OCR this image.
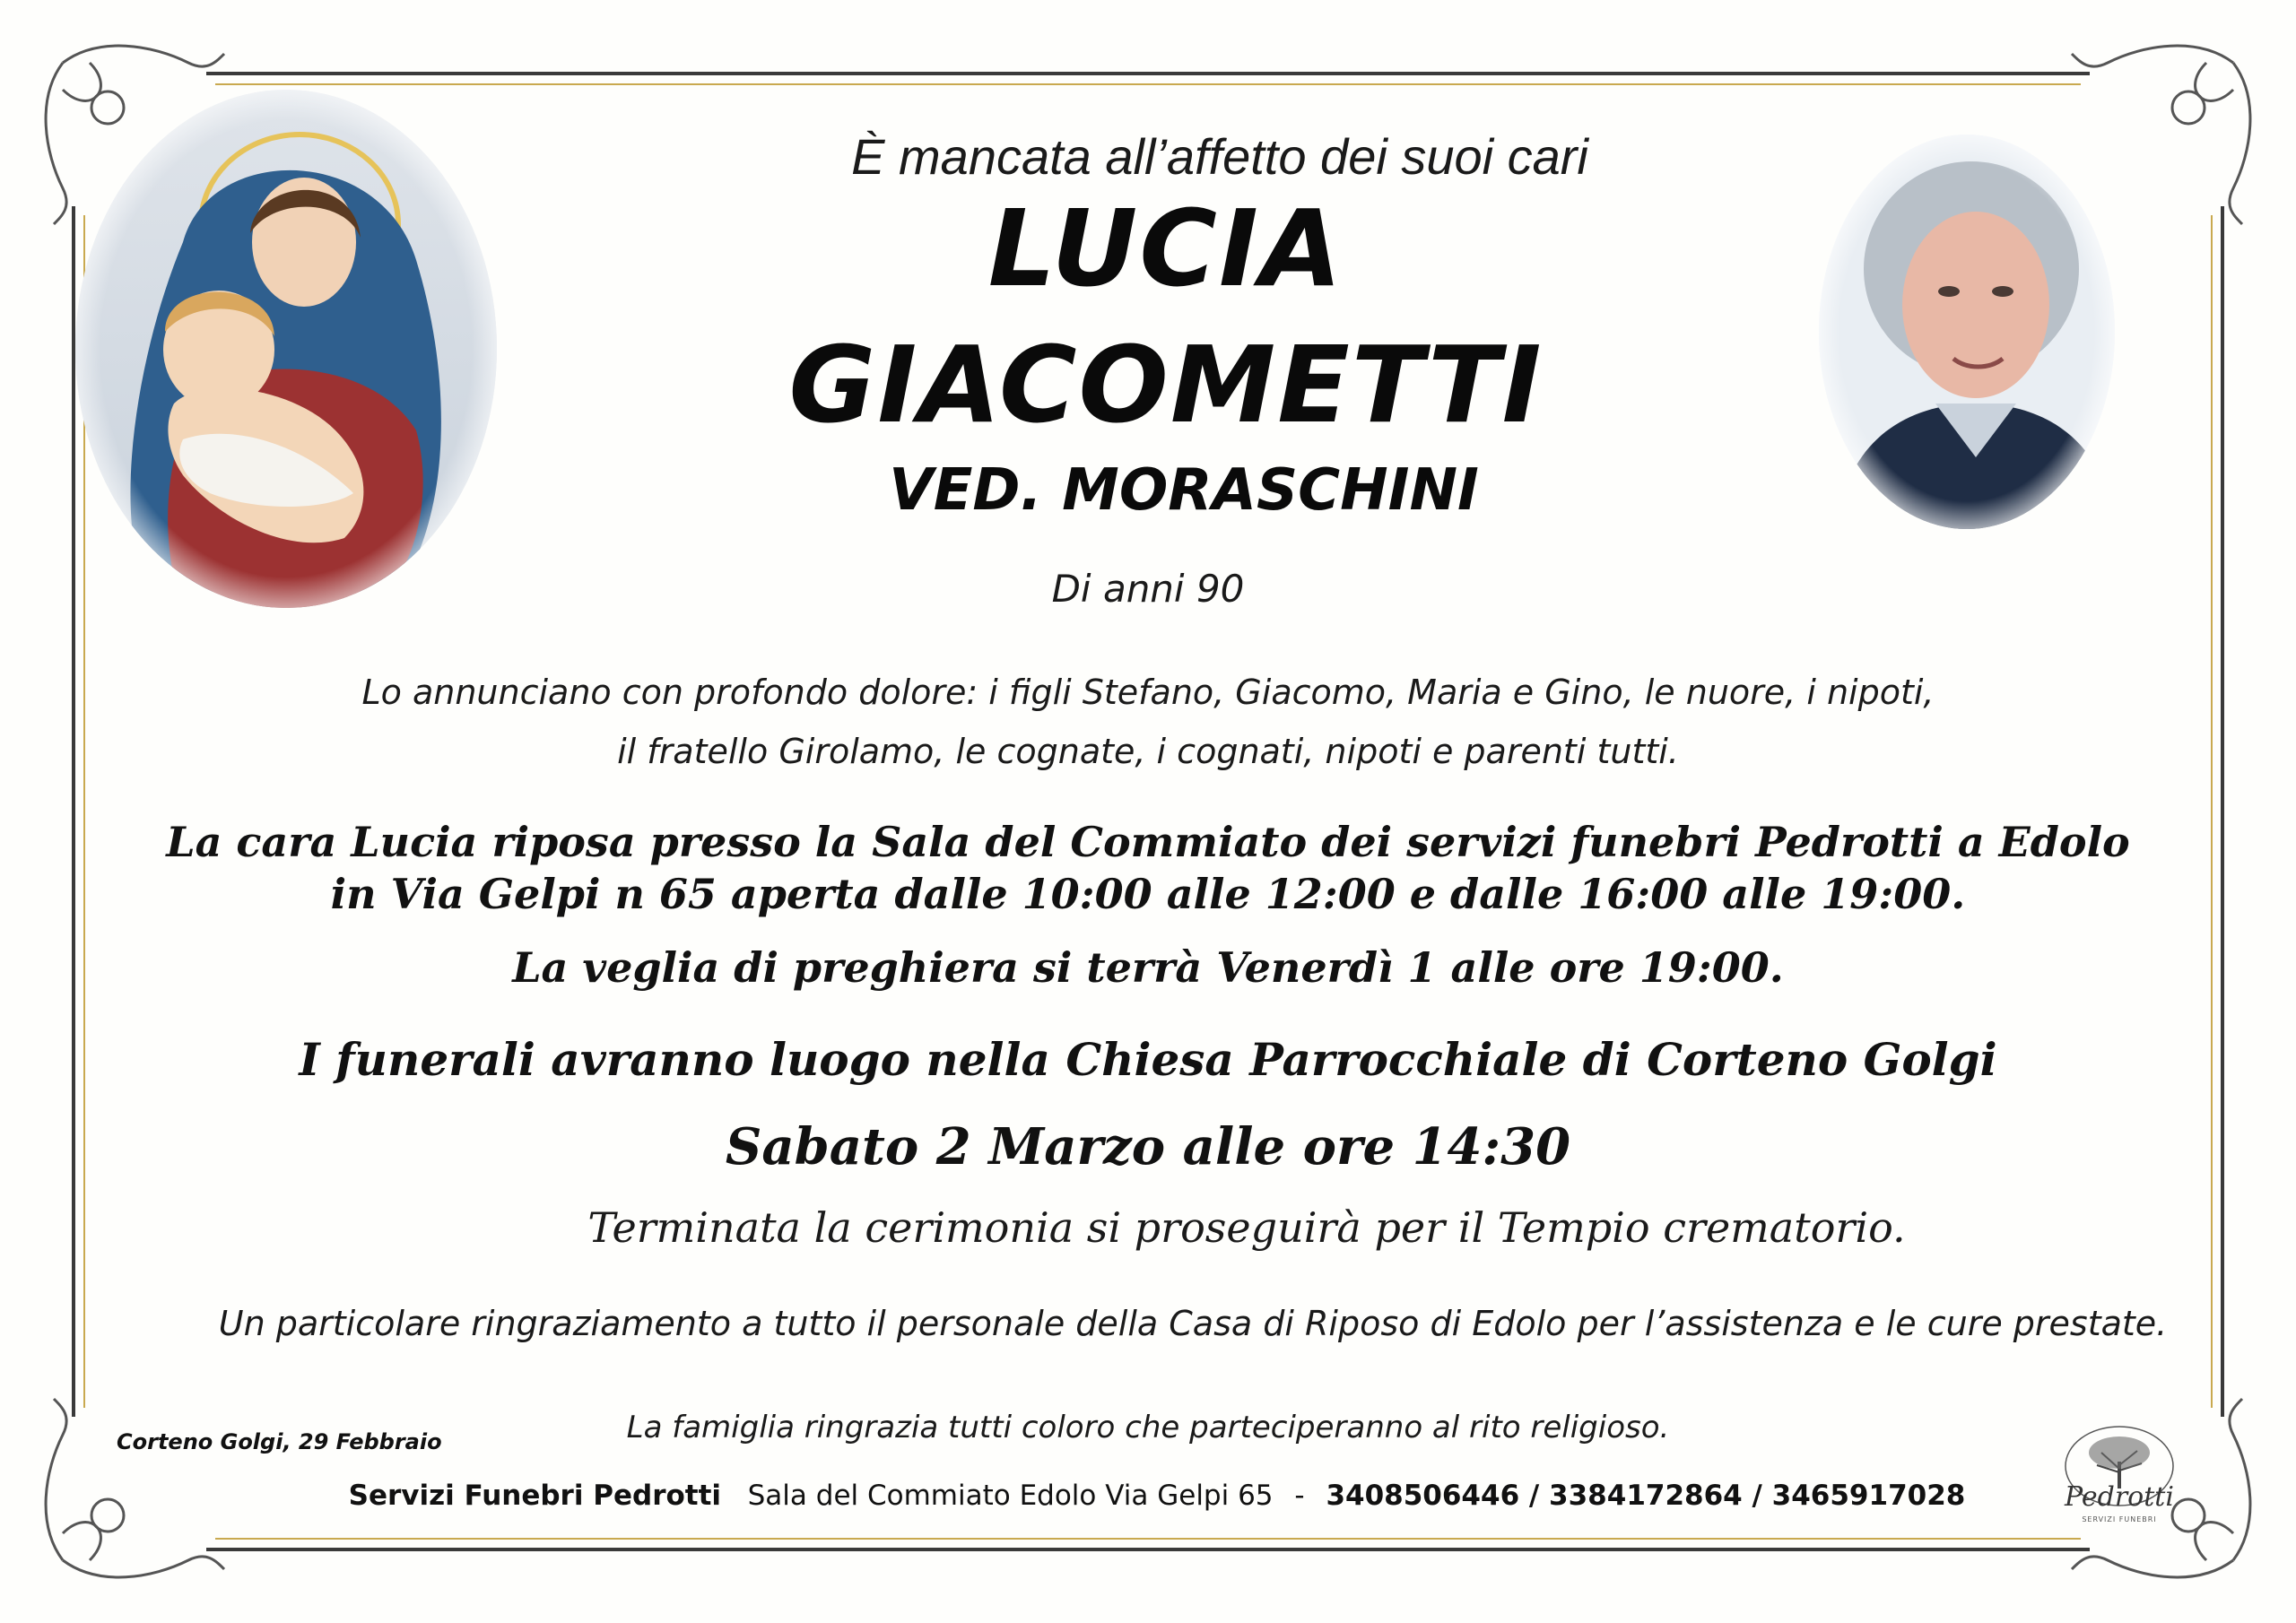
È mancata all’affetto dei suoi cari
LUCIA
GIACOMETTI
VED. MORASCHINI
Di anni 90
Lo annunciano con profondo dolore: i figli Stefano, Giacomo, Maria e Gino, le nuore, i nipoti,
il fratello Girolamo, le cognate, i cognati, nipoti e parenti tutti.
La cara Lucia riposa presso la Sala del Commiato dei servizi funebri Pedrotti a Edolo
in Via Gelpi n 65 aperta dalle 10:00 alle 12:00 e dalle 16:00 alle 19:00.
La veglia di preghiera si terrà Venerdì 1 alle ore 19:00.
I funerali avranno luogo nella Chiesa Parrocchiale di Corteno Golgi
Sabato 2 Marzo alle ore 14:30
Terminata la cerimonia si proseguirà per il Tempio crematorio.
Un particolare ringraziamento a tutto il personale della Casa di Riposo di Edolo per l’assistenza e le cure prestate.
La famiglia ringrazia tutti coloro che parteciperanno al rito religioso.
Corteno Golgi, 29 Febbraio
Servizi Funebri Pedrotti Sala del Commiato Edolo Via Gelpi 65 - 3408506446 / 3384172864 / 3465917028	Pedrotti
SERVIZI FUNEBRI
